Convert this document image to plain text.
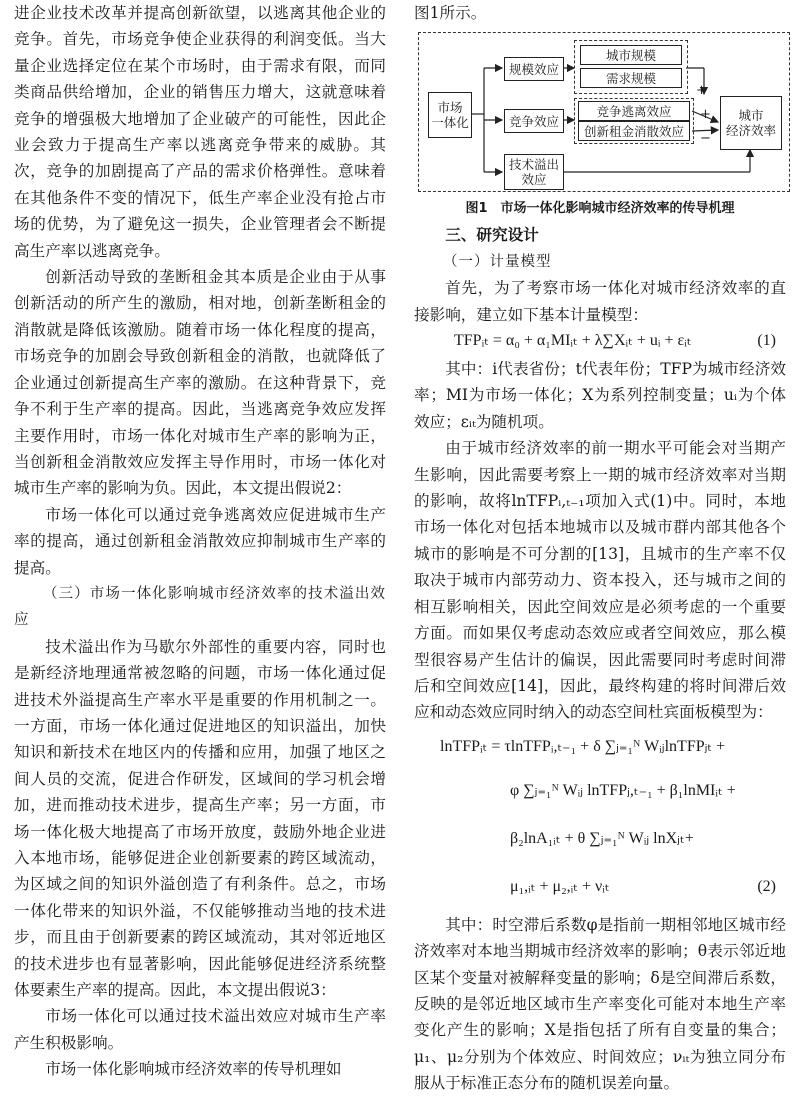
进企业技术改革并提高创新欲望，以逃离其他企业的竞争。首先，市场竞争使企业获得的利润变低。当大量企业选择定位在某个市场时，由于需求有限，而同类商品供给增加，企业的销售压力增大，这就意味着竞争的增强极大地增加了企业破产的可能性，因此企业会致力于提高生产率以逃离竞争带来的威胁。其次，竞争的加剧提高了产品的需求价格弹性。意味着在其他条件不变的情况下，低生产率企业没有抢占市场的优势，为了避免这一损失，企业管理者会不断提高生产率以逃离竞争。

创新活动导致的垄断租金其本质是企业由于从事创新活动的所产生的激励，相对地，创新垄断租金的消散就是降低该激励。随着市场一体化程度的提高，市场竞争的加剧会导致创新租金的消散，也就降低了企业通过创新提高生产率的激励。在这种背景下，竞争不利于生产率的提高。因此，当逃离竞争效应发挥主要作用时，市场一体化对城市生产率的影响为正，当创新租金消散效应发挥主导作用时，市场一体化对城市生产率的影响为负。因此，本文提出假说2：

市场一体化可以通过竞争逃离效应促进城市生产率的提高，通过创新租金消散效应抑制城市生产率的提高。

（三）市场一体化影响城市经济效率的技术溢出效应

技术溢出作为马歇尔外部性的重要内容，同时也是新经济地理通常被忽略的问题，市场一体化通过促进技术外溢提高生产率水平是重要的作用机制之一。一方面，市场一体化通过促进地区的知识溢出，加快知识和新技术在地区内的传播和应用，加强了地区之间人员的交流，促进合作研发，区域间的学习机会增加，进而推动技术进步，提高生产率；另一方面，市场一体化极大地提高了市场开放度，鼓励外地企业进入本地市场，能够促进企业创新要素的跨区域流动，为区域之间的知识外溢创造了有利条件。总之，市场一体化带来的知识外溢，不仅能够推动当地的技术进步，而且由于创新要素的跨区域流动，其对邻近地区的技术进步也有显著影响，因此能够促进经济系统整体要素生产率的提高。因此，本文提出假说3：

市场一体化可以通过技术溢出效应对城市生产率产生积极影响。

市场一体化影响城市经济效率的传导机理如

图1所示。

市场
一体化
规模效应
城市规模
需求规模
竞争效应
竞争逃离效应
创新租金消散效应
技术溢出
效应
城市
经济效率
+
+
−
图1　市场一体化影响城市经济效率的传导机理

三、研究设计

（一）计量模型

首先，为了考察市场一体化对城市经济效率的直接影响，建立如下基本计量模型：

TFPᵢₜ = α₀ + α₁MIᵢₜ + λ∑Xᵢₜ + uᵢ + εᵢₜ	(1)

其中：i代表省份；t代表年份；TFP为城市经济效率；MI为市场一体化；X为系列控制变量；uᵢ为个体效应；εᵢₜ为随机项。

由于城市经济效率的前一期水平可能会对当期产生影响，因此需要考察上一期的城市经济效率对当期的影响，故将lnTFPᵢ,ₜ₋₁项加入式(1)中。同时，本地市场一体化对包括本地城市以及城市群内部其他各个城市的影响是不可分割的[13]，且城市的生产率不仅取决于城市内部劳动力、资本投入，还与城市之间的相互影响相关，因此空间效应是必须考虑的一个重要方面。而如果仅考虑动态效应或者空间效应，那么模型很容易产生估计的偏误，因此需要同时考虑时间滞后和空间效应[14]，因此，最终构建的将时间滞后效应和动态效应同时纳入的动态空间杜宾面板模型为：

lnTFPᵢₜ = τlnTFPᵢ,ₜ₋₁ + δ ∑ⱼ₌₁ᴺ WᵢⱼlnTFPⱼₜ +
φ ∑ⱼ₌₁ᴺ Wᵢⱼ lnTFPⱼ,ₜ₋₁ + β₁lnMIᵢₜ +
β₂lnA₁ᵢₜ + θ ∑ⱼ₌₁ᴺ Wᵢⱼ lnXⱼₜ+
μ₁,ᵢₜ + μ₂,ᵢₜ + νᵢₜ	(2)

其中：时空滞后系数φ是指前一期相邻地区城市经济效率对本地当期城市经济效率的影响；θ表示邻近地区某个变量对被解释变量的影响；δ是空间滞后系数，反映的是邻近地区域市生产率变化可能对本地生产率变化产生的影响；X是指包括了所有自变量的集合；μ₁、μ₂分别为个体效应、时间效应；νᵢₜ为独立同分布服从于标准正态分布的随机误差向量。
